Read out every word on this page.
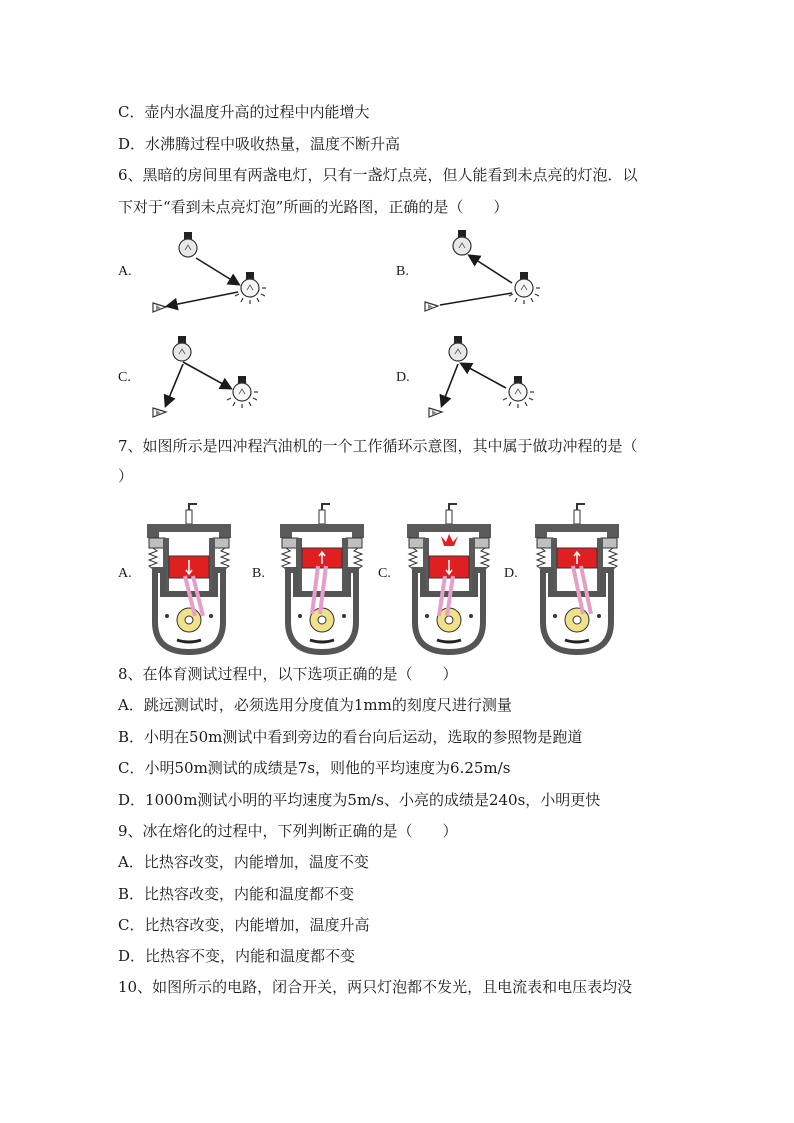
C．壶内水温度升高的过程中内能增大
D．水沸腾过程中吸收热量，温度不断升高
6、黑暗的房间里有两盏电灯，只有一盏灯点亮，但人能看到未点亮的灯泡．以
下对于“看到未点亮灯泡”所画的光路图，正确的是（　　）
A.	B.
C.	D.
7、如图所示是四冲程汽油机的一个工作循环示意图，其中属于做功冲程的是（
）
A.	B.	C.	D.
8、在体育测试过程中，以下选项正确的是（　　）
A．跳远测试时，必须选用分度值为1mm的刻度尺进行测量
B．小明在50m测试中看到旁边的看台向后运动，选取的参照物是跑道
C．小明50m测试的成绩是7s，则他的平均速度为6.25m/s
D．1000m测试小明的平均速度为5m/s、小亮的成绩是240s，小明更快
9、冰在熔化的过程中，下列判断正确的是（　　）
A．比热容改变，内能增加，温度不变
B．比热容改变，内能和温度都不变
C．比热容改变，内能增加，温度升高
D．比热容不变，内能和温度都不变
10、如图所示的电路，闭合开关，两只灯泡都不发光，且电流表和电压表均没
